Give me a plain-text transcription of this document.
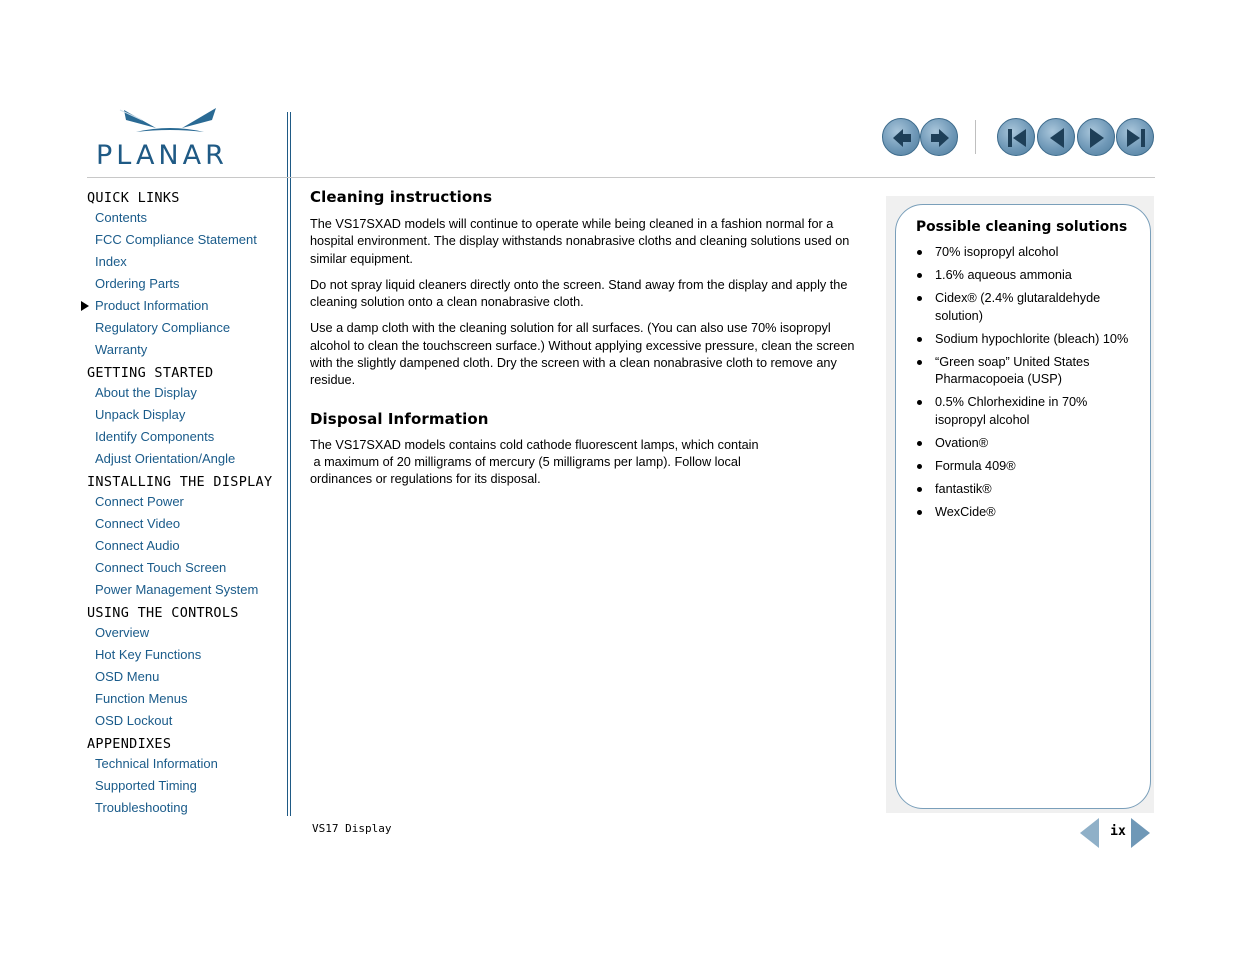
PLANAR
QUICK LINKS
Contents
FCC Compliance Statement
Index
Ordering Parts
Product Information
Regulatory Compliance
Warranty
GETTING STARTED
About the Display
Unpack Display
Identify Components
Adjust Orientation/Angle
INSTALLING THE DISPLAY
Connect Power
Connect Video
Connect Audio
Connect Touch Screen
Power Management System
USING THE CONTROLS
Overview
Hot Key Functions
OSD Menu
Function Menus
OSD Lockout
APPENDIXES
Technical Information
Supported Timing
Troubleshooting
Cleaning instructions

The VS17SXAD models will continue to operate while being cleaned in a fashion normal for a hospital environment. The display withstands nonabrasive cloths and cleaning solutions used on similar equipment.

Do not spray liquid cleaners directly onto the screen. Stand away from the display and apply the cleaning solution onto a clean nonabrasive cloth.

Use a damp cloth with the cleaning solution for all surfaces. (You can also use 70% isopropyl alcohol to clean the touchscreen surface.) Without applying excessive pressure, clean the screen with the slightly dampened cloth. Dry the screen with a clean nonabrasive cloth to remove any residue.

Disposal Information

The VS17SXAD models contains cold cathode fluorescent lamps, which contain
a maximum of 20 milligrams of mercury (5 milligrams per lamp). Follow local
ordinances or regulations for its disposal.

Possible cleaning solutions
70% isopropyl alcohol
1.6% aqueous ammonia
Cidex® (2.4% glutaraldehyde solution)
Sodium hypochlorite (bleach) 10%
“Green soap” United States Pharmacopoeia (USP)
0.5% Chlorhexidine in 70% isopropyl alcohol
Ovation®
Formula 409®
fantastik®
WexCide®
VS17 Display	ix
